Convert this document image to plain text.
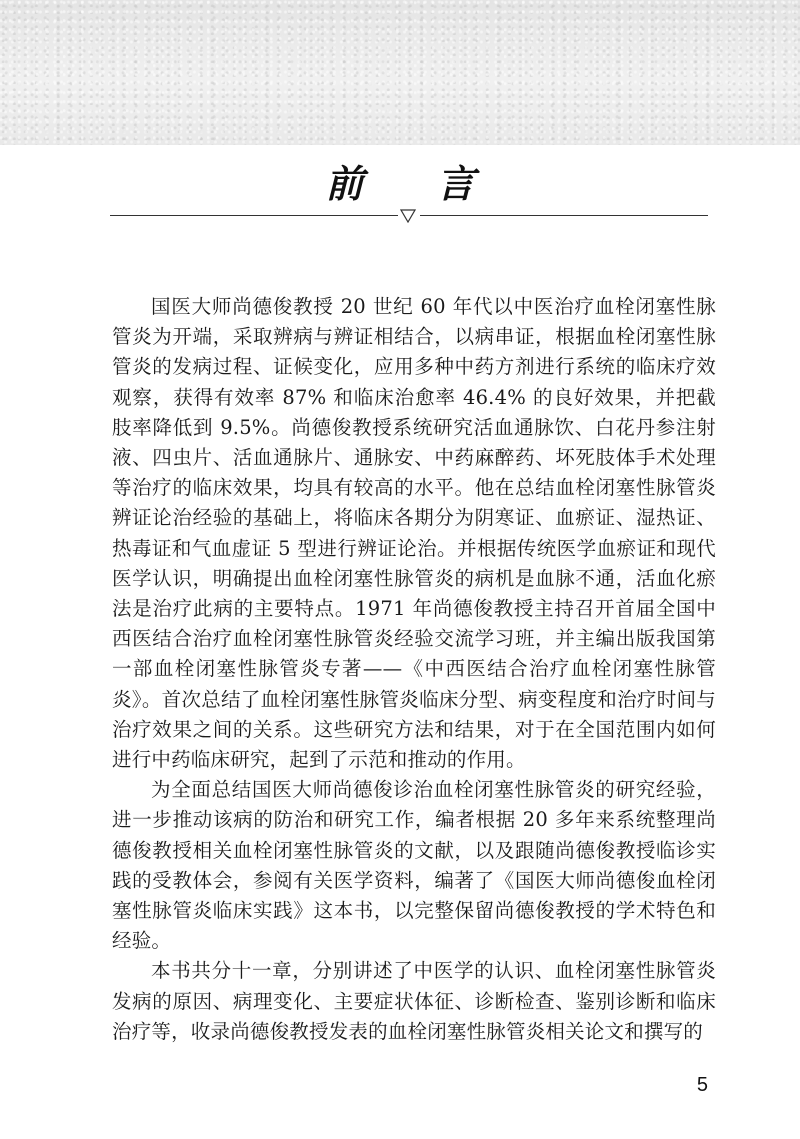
前 言

国医大师尚德俊教授 20 世纪 60 年代以中医治疗血栓闭塞性脉管炎为开端，采取辨病与辨证相结合，以病串证，根据血栓闭塞性脉管炎的发病过程、证候变化，应用多种中药方剂进行系统的临床疗效观察，获得有效率 87% 和临床治愈率 46.4% 的良好效果，并把截肢率降低到 9.5%。尚德俊教授系统研究活血通脉饮、白花丹参注射液、四虫片、活血通脉片、通脉安、中药麻醉药、坏死肢体手术处理等治疗的临床效果，均具有较高的水平。他在总结血栓闭塞性脉管炎辨证论治经验的基础上，将临床各期分为阴寒证、血瘀证、湿热证、热毒证和气血虚证 5 型进行辨证论治。并根据传统医学血瘀证和现代医学认识，明确提出血栓闭塞性脉管炎的病机是血脉不通，活血化瘀法是治疗此病的主要特点。1971 年尚德俊教授主持召开首届全国中西医结合治疗血栓闭塞性脉管炎经验交流学习班，并主编出版我国第一部血栓闭塞性脉管炎专著——《中西医结合治疗血栓闭塞性脉管炎》。首次总结了血栓闭塞性脉管炎临床分型、病变程度和治疗时间与治疗效果之间的关系。这些研究方法和结果，对于在全国范围内如何进行中药临床研究，起到了示范和推动的作用。

为全面总结国医大师尚德俊诊治血栓闭塞性脉管炎的研究经验，进一步推动该病的防治和研究工作，编者根据 20 多年来系统整理尚德俊教授相关血栓闭塞性脉管炎的文献，以及跟随尚德俊教授临诊实践的受教体会，参阅有关医学资料，编著了《国医大师尚德俊血栓闭塞性脉管炎临床实践》这本书，以完整保留尚德俊教授的学术特色和经验。

本书共分十一章，分别讲述了中医学的认识、血栓闭塞性脉管炎发病的原因、病理变化、主要症状体征、诊断检查、鉴别诊断和临床治疗等，收录尚德俊教授发表的血栓闭塞性脉管炎相关论文和撰写的

5
